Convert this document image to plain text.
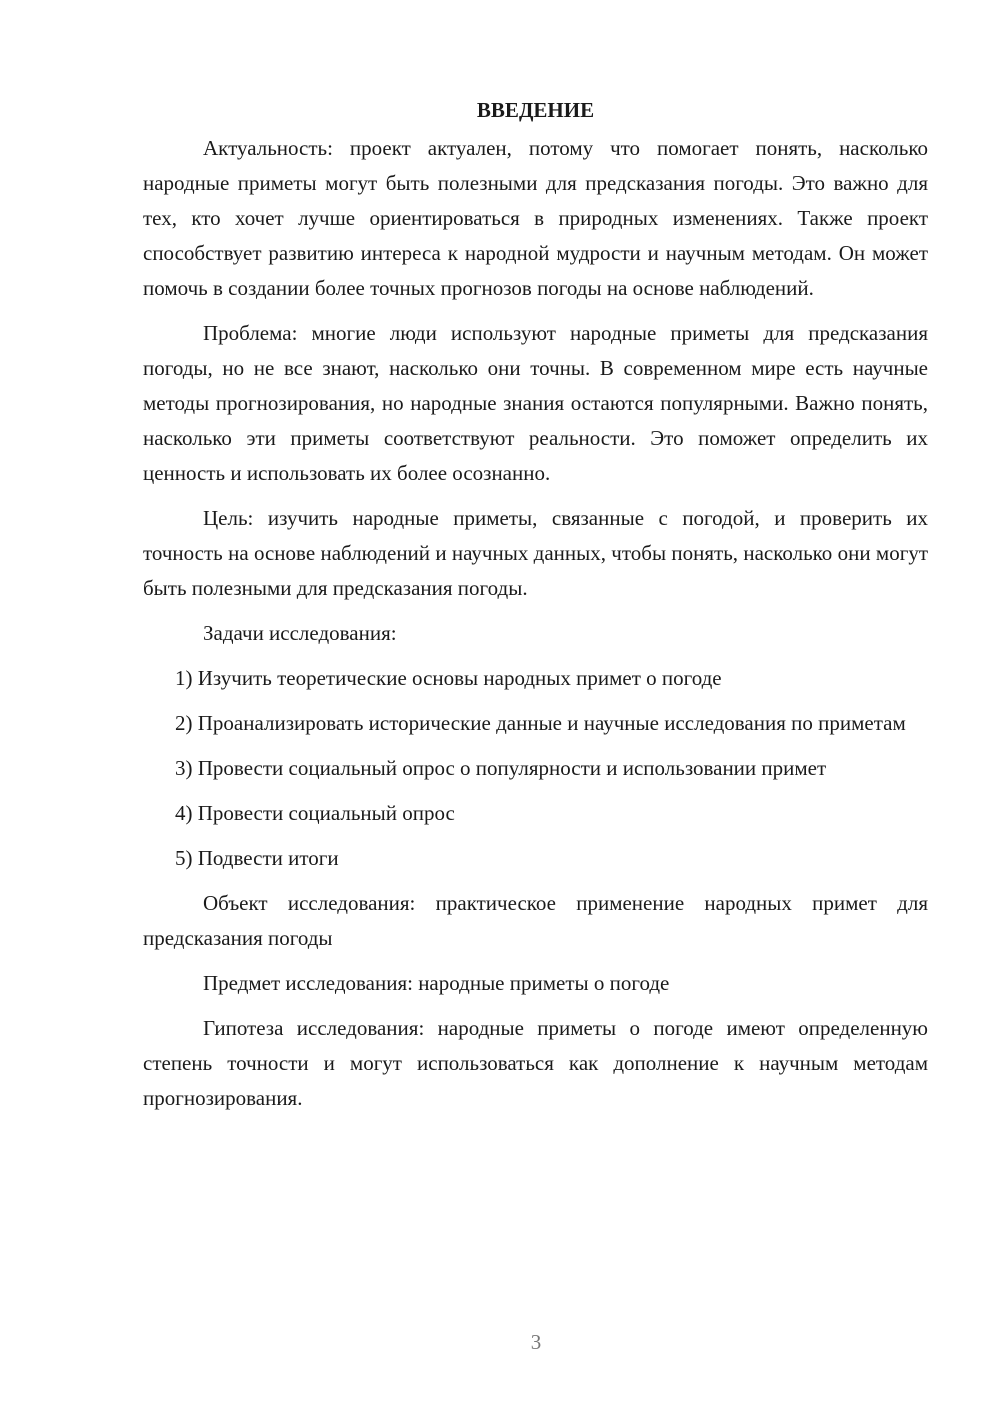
ВВЕДЕНИЕ

Актуальность: проект актуален, потому что помогает понять, насколько народные приметы могут быть полезными для предсказания погоды. Это важно для тех, кто хочет лучше ориентироваться в природных изменениях. Также проект способствует развитию интереса к народной мудрости и научным методам. Он может помочь в создании более точных прогнозов погоды на основе наблюдений.

Проблема: многие люди используют народные приметы для предсказания погоды, но не все знают, насколько они точны. В современном мире есть научные методы прогнозирования, но народные знания остаются популярными. Важно понять, насколько эти приметы соответствуют реальности. Это поможет определить их ценность и использовать их более осознанно.

Цель: изучить народные приметы, связанные с погодой, и проверить их точность на основе наблюдений и научных данных, чтобы понять, насколько они могут быть полезными для предсказания погоды.

Задачи исследования:

1) Изучить теоретические основы народных примет о погоде

2) Проанализировать исторические данные и научные исследования по приметам

3) Провести социальный опрос о популярности и использовании примет

4) Провести социальный опрос

5) Подвести итоги

Объект исследования: практическое применение народных примет для предсказания погоды

Предмет исследования: народные приметы о погоде

Гипотеза исследования: народные приметы о погоде имеют определенную степень точности и могут использоваться как дополнение к научным методам прогнозирования.

3
